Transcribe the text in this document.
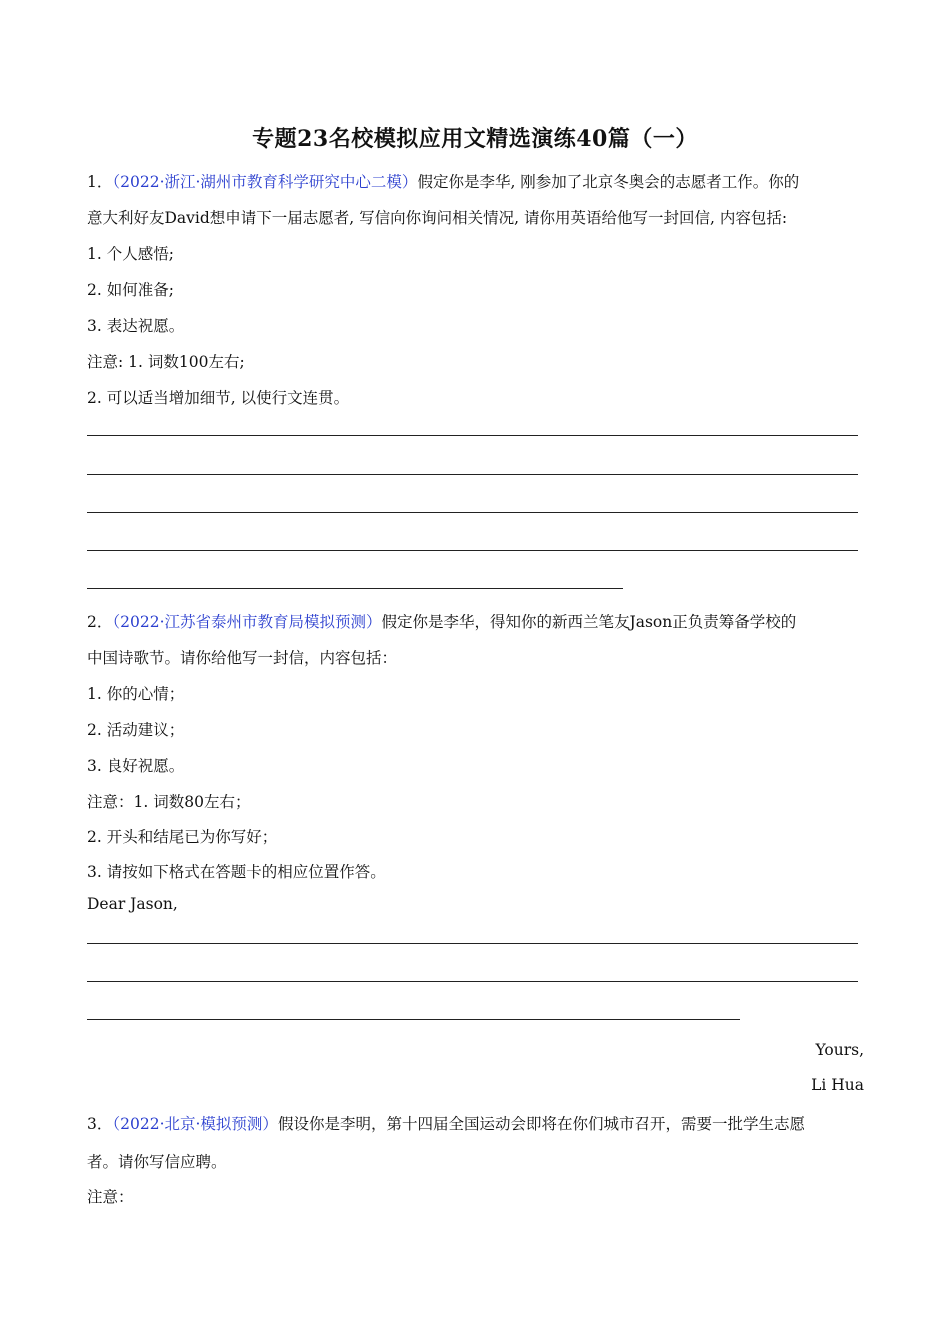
专题23名校模拟应用文精选演练40篇（一）
1．（2022·浙江·湖州市教育科学研究中心二模）假定你是李华, 刚参加了北京冬奥会的志愿者工作。你的
意大利好友David想申请下一届志愿者, 写信向你询问相关情况, 请你用英语给他写一封回信, 内容包括:
1. 个人感悟;
2. 如何准备;
3. 表达祝愿。
注意: 1. 词数100左右;
2. 可以适当增加细节, 以使行文连贯。
2．（2022·江苏省泰州市教育局模拟预测）假定你是李华，得知你的新西兰笔友Jason正负责筹备学校的
中国诗歌节。请你给他写一封信，内容包括：
1. 你的心情；
2. 活动建议；
3. 良好祝愿。
注意：1. 词数80左右；
2. 开头和结尾已为你写好；
3. 请按如下格式在答题卡的相应位置作答。
Dear Jason,
Yours,
Li Hua
3．（2022·北京·模拟预测）假设你是李明，第十四届全国运动会即将在你们城市召开，需要一批学生志愿
者。请你写信应聘。
注意：
